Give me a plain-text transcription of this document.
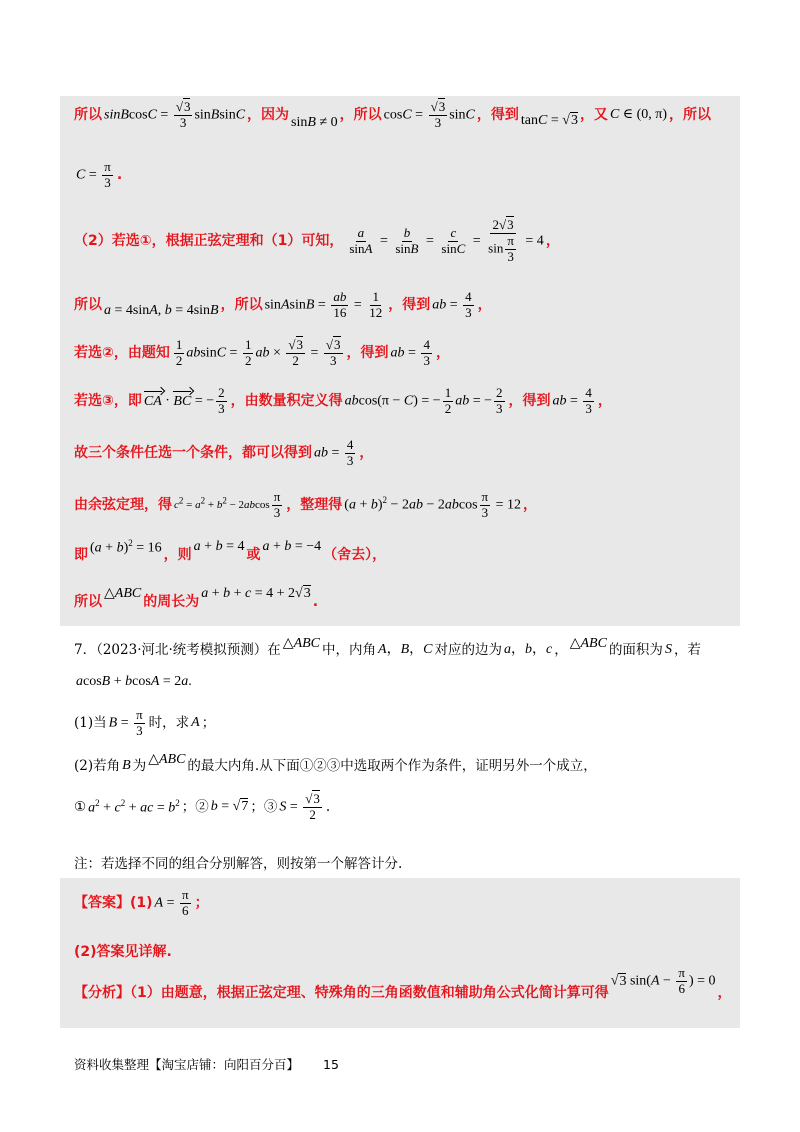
所以 sinBcosC = $\frac{√3}{3}$ sinBsinC ，因为 sinB ≠ 0 ，所以 $\cos C = \frac{√3}{3}$ sinC ，得到 tanC = √3 ，又 C ∈ (0, π) ，所以
$C = \frac{\pi}{3}$ .
（2）若选①，根据正弦定理和（1）可知， $\frac{a}{\sin A} = \frac{b}{\sin B} = \frac{c}{\sin C} = \frac{2√3}{\sin \frac{\pi}{3}} = 4$ ，
所以 a = 4sinA, b = 4sinB ，所以 sinAsinB = $\frac{ab}{16} = \frac{1}{12}$ ，得到 ab = $\frac{4}{3}$ ，
若选②，由题知 $\frac{1}{2}$ $absinC = \frac{1}{2}$ ab × $\frac{√3}{2} = \frac{√3}{3}$ ，得到 ab = $\frac{4}{3}$ ，
若选③，即 CA · BC = − $\frac{2}{3}$ ，由数量积定义得 abcos(π − C) = − $\frac{1}{2}$ ab = − $\frac{2}{3}$ ，得到 ab = $\frac{4}{3}$ ，
故三个条件任选一个条件，都可以得到 ab = $\frac{4}{3}$ ，
由余弦定理，得 $c^2 = a^2 + b^2 - 2abcos \frac{\pi}{3}$ ，整理得 $(a + b)^2 - 2ab - 2abcos \frac{\pi}{3} = 12$ ，
即 $(a + b)^2 = 16$ ，则
a + b = 4
或
a + b = −4
（舍去），
所以
△ABC
的周长为
a + b + c = 4 + 2√3
.
7．（2023·河北·统考模拟预测）在 △ABC 中，内角 A，B，C 对应的边为 a，b，c ， △ABC 的面积为 S ，若
acosB + bcosA = 2a.
(1)当 $B = \frac{\pi}{3}$ 时，求 A ；
(2)若角 B 为 △ABC 的最大内角.从下面①②③中选取两个作为条件，证明另外一个成立，
① $a^2 + c^2$ + ac = $b^2$ ；② b = √7 ；③ $S = \frac{√3}{2}$ .
注：若选择不同的组合分别解答，则按第一个解答计分.
【答案】(1) $A = \frac{\pi}{6}$ ；
(2)答案见详解.
【分析】（1）由题意，根据正弦定理、特殊角的三角函数值和辅助角公式化简计算可得
√3 $\sin(A - \frac{\pi}{6}$ ) = 0
，
资料收集整理【淘宝店铺：向阳百分百】 15
